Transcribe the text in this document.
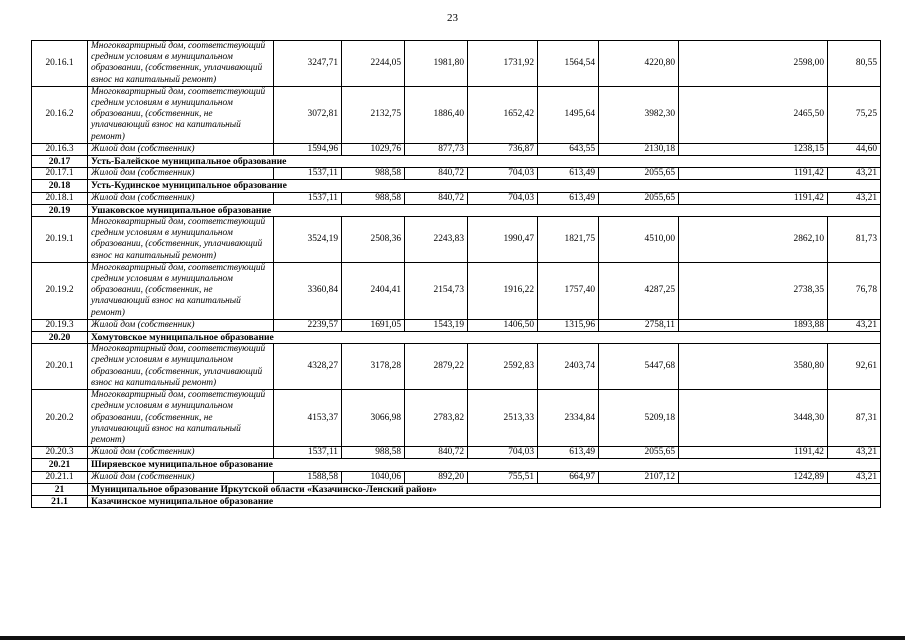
23
20.16.1	Многоквартирный дом, соответствующий средним условиям в муниципальном образовании, (собственник, уплачивающий взнос на капитальный ремонт)	3247,71	2244,05	1981,80	1731,92	1564,54	4220,80	2598,00	80,55
20.16.2	Многоквартирный дом, соответствующий средним условиям в муниципальном образовании, (собственник, не уплачивающий взнос на капитальный ремонт)	3072,81	2132,75	1886,40	1652,42	1495,64	3982,30	2465,50	75,25
20.16.3	Жилой дом (собственник)	1594,96	1029,76	877,73	736,87	643,55	2130,18	1238,15	44,60
20.17	Усть-Балейское муниципальное образование								
20.17.1	Жилой дом (собственник)	1537,11	988,58	840,72	704,03	613,49	2055,65	1191,42	43,21
20.18	Усть-Кудинское муниципальное образование								
20.18.1	Жилой дом (собственник)	1537,11	988,58	840,72	704,03	613,49	2055,65	1191,42	43,21
20.19	Ушаковское муниципальное образование								
20.19.1	Многоквартирный дом, соответствующий средним условиям в муниципальном образовании, (собственник, уплачивающий взнос на капитальный ремонт)	3524,19	2508,36	2243,83	1990,47	1821,75	4510,00	2862,10	81,73
20.19.2	Многоквартирный дом, соответствующий средним условиям в муниципальном образовании, (собственник, не уплачивающий взнос на капитальный ремонт)	3360,84	2404,41	2154,73	1916,22	1757,40	4287,25	2738,35	76,78
20.19.3	Жилой дом (собственник)	2239,57	1691,05	1543,19	1406,50	1315,96	2758,11	1893,88	43,21
20.20	Хомутовское муниципальное образование								
20.20.1	Многоквартирный дом, соответствующий средним условиям в муниципальном образовании, (собственник, уплачивающий взнос на капитальный ремонт)	4328,27	3178,28	2879,22	2592,83	2403,74	5447,68	3580,80	92,61
20.20.2	Многоквартирный дом, соответствующий средним условиям в муниципальном образовании, (собственник, не уплачивающий взнос на капитальный ремонт)	4153,37	3066,98	2783,82	2513,33	2334,84	5209,18	3448,30	87,31
20.20.3	Жилой дом (собственник)	1537,11	988,58	840,72	704,03	613,49	2055,65	1191,42	43,21
20.21	Ширяевское муниципальное образование								
20.21.1	Жилой дом (собственник)	1588,58	1040,06	892,20	755,51	664,97	2107,12	1242,89	43,21
21	Муниципальное образование Иркутской области «Казачинско-Ленский район»								
21.1	Казачинское муниципальное образование								
